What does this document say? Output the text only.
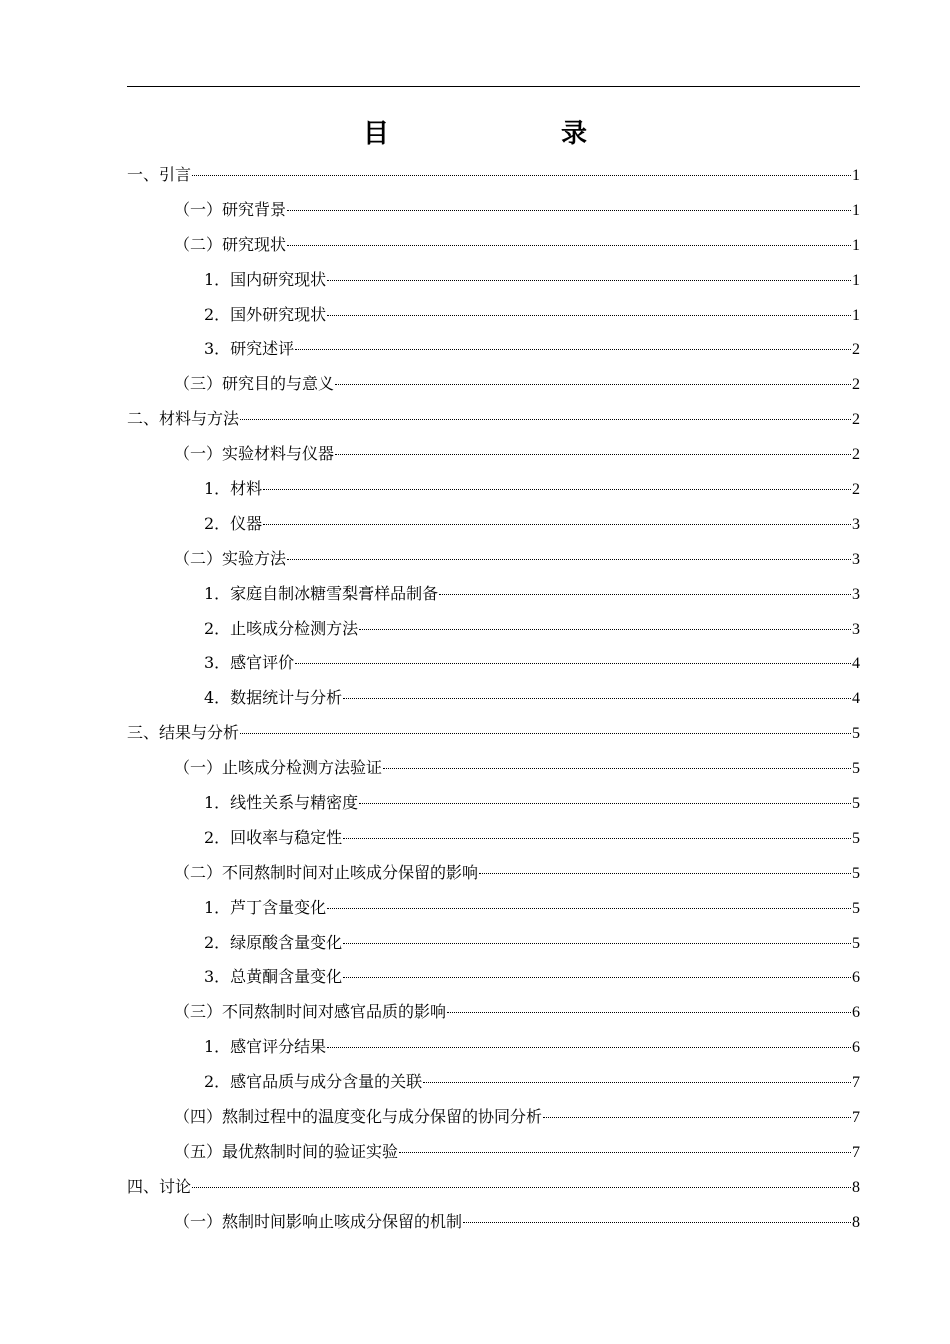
目　　录
一、引言	1
（一）研究背景	1
（二）研究现状	1
1．国内研究现状	1
2．国外研究现状	1
3．研究述评	2
（三）研究目的与意义	2
二、材料与方法	2
（一）实验材料与仪器	2
1．材料	2
2．仪器	3
（二）实验方法	3
1．家庭自制冰糖雪梨膏样品制备	3
2．止咳成分检测方法	3
3．感官评价	4
4．数据统计与分析	4
三、结果与分析	5
（一）止咳成分检测方法验证	5
1．线性关系与精密度	5
2．回收率与稳定性	5
（二）不同熬制时间对止咳成分保留的影响	5
1．芦丁含量变化	5
2．绿原酸含量变化	5
3．总黄酮含量变化	6
（三）不同熬制时间对感官品质的影响	6
1．感官评分结果	6
2．感官品质与成分含量的关联	7
（四）熬制过程中的温度变化与成分保留的协同分析	7
（五）最优熬制时间的验证实验	7
四、讨论	8
（一）熬制时间影响止咳成分保留的机制	8
